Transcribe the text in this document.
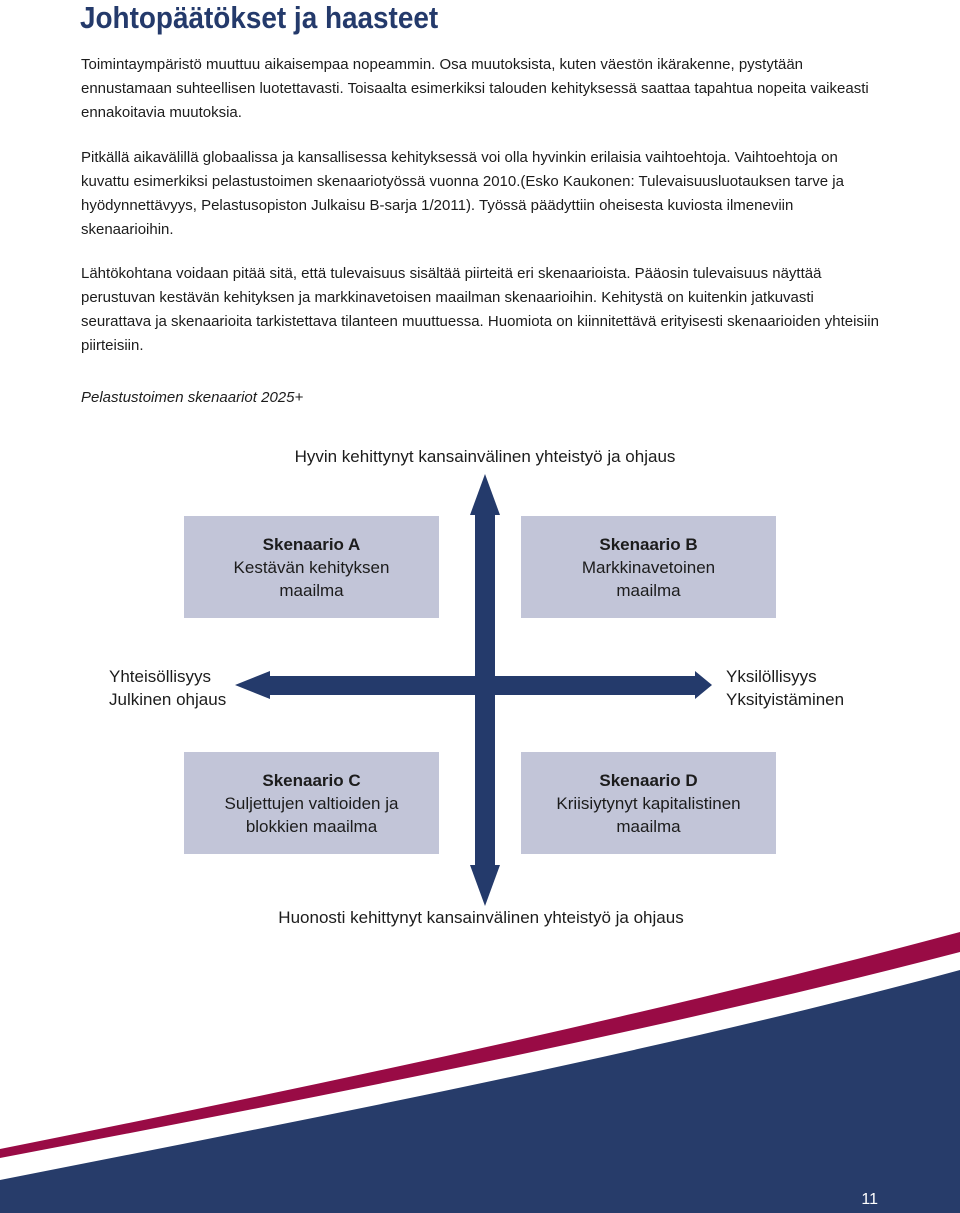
Johtopäätökset ja haasteet

Toimintaympäristö muuttuu aikaisempaa nopeammin. Osa muutoksista, kuten väestön ikärakenne, pystytään ennustamaan suhteellisen luotettavasti. Toisaalta esimerkiksi talouden kehityksessä saattaa tapahtua nopeita vaikeasti ennakoitavia muutoksia.

Pitkällä aikavälillä globaalissa ja kansallisessa kehityksessä voi olla hyvinkin erilaisia vaihtoehtoja. Vaihtoehtoja on kuvattu esimerkiksi pelastustoimen skenaariotyössä vuonna 2010.(Esko Kaukonen: Tulevaisuusluotauksen tarve ja hyödynnettävyys, Pelastusopiston Julkaisu B-sarja 1/2011). Työssä päädyttiin oheisesta kuviosta ilmeneviin skenaarioihin.

Lähtökohtana voidaan pitää sitä, että tulevaisuus sisältää piirteitä eri skenaarioista. Pääosin tulevaisuus näyttää perustuvan kestävän kehityksen ja markkinavetoisen maailman skenaarioihin. Kehitystä on kuitenkin jatkuvasti seurattava ja skenaarioita tarkistettava tilanteen muuttuessa. Huomiota on kiinnitettävä erityisesti skenaarioiden yhteisiin piirteisiin.

Pelastustoimen skenaariot 2025+

Hyvin kehittynyt kansainvälinen yhteistyö ja ohjaus
Huonosti kehittynyt kansainvälinen yhteistyö ja ohjaus
Yhteisöllisyys
Julkinen ohjaus
Yksilöllisyys
Yksityistäminen
Skenaario A
Kestävän kehityksen
maailma
Skenaario B
Markkinavetoinen
maailma
Skenaario C
Suljettujen valtioiden ja
blokkien maailma
Skenaario D
Kriisiytynyt kapitalistinen
maailma
11
